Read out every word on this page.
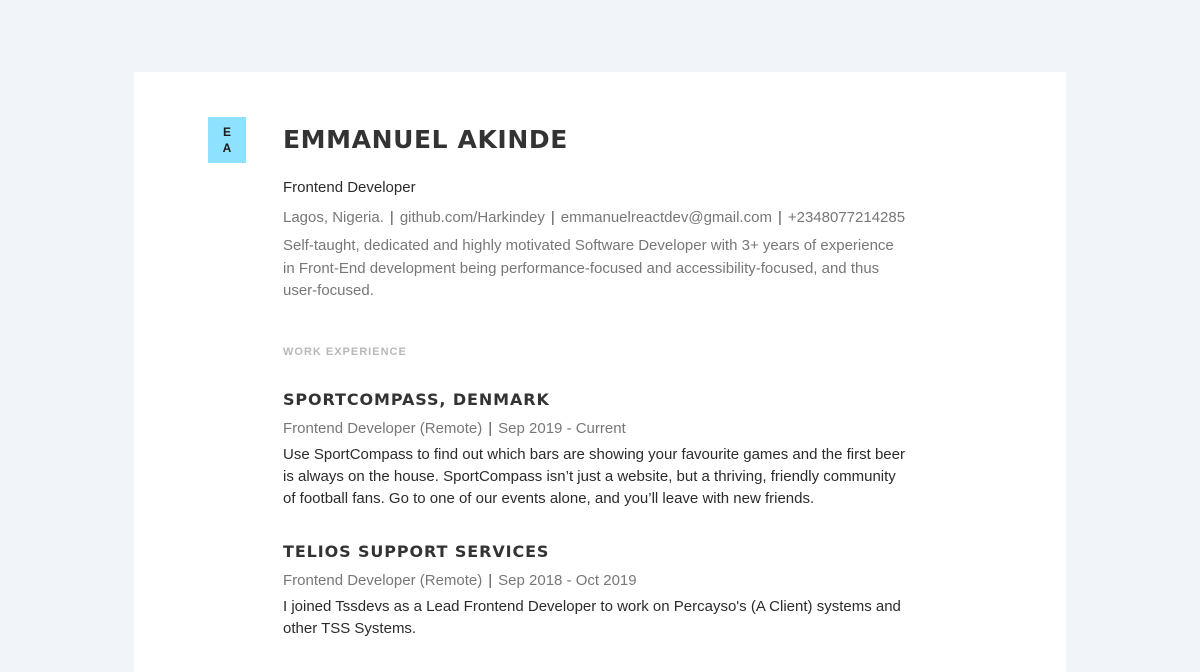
E
A EMMANUEL AKINDE
Frontend Developer
Lagos, Nigeria. | github.com/Harkindey | emmanuelreactdev@gmail.com | +2348077214285

Self-taught, dedicated and highly motivated Software Developer with 3+ years of experience in Front-End development being performance-focused and accessibility-focused, and thus user-focused.

WORK EXPERIENCE
SPORTCOMPASS, DENMARK
Frontend Developer (Remote) | Sep 2019 - Current

Use SportCompass to find out which bars are showing your favourite games and the first beer is always on the house. SportCompass isn’t just a website, but a thriving, friendly community of football fans. Go to one of our events alone, and you’ll leave with new friends.

TELIOS SUPPORT SERVICES
Frontend Developer (Remote) | Sep 2018 - Oct 2019

I joined Tssdevs as a Lead Frontend Developer to work on Percayso's (A Client) systems and other TSS Systems.
